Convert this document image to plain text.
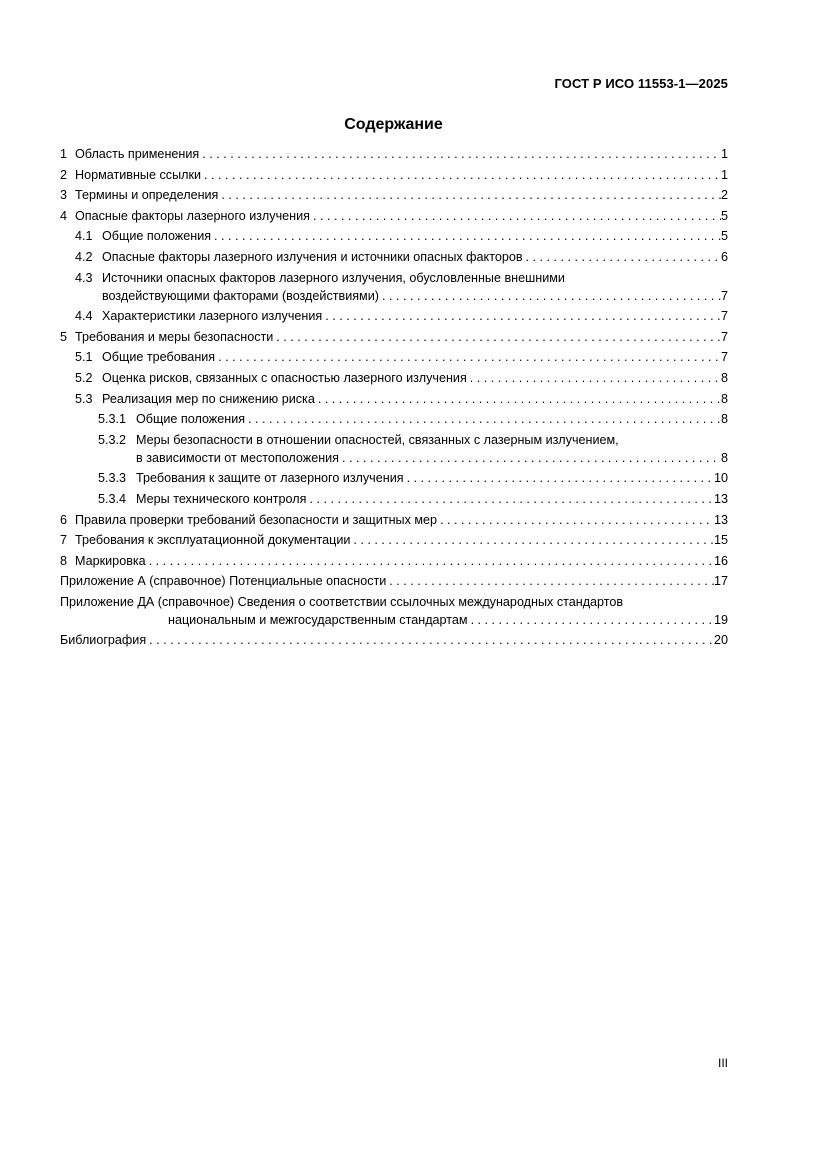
ГОСТ Р ИСО 11553-1—2025
Содержание
1 Область применения . . .	1
2 Нормативные ссылки . . .	1
3 Термины и определения . . .	2
4 Опасные факторы лазерного излучения . . .	5
4.1 Общие положения . . .	5
4.2 Опасные факторы лазерного излучения и источники опасных факторов . . .	6
4.3 Источники опасных факторов лазерного излучения, обусловленные внешними
воздействующими факторами (воздействиями) . . .	7
4.4 Характеристики лазерного излучения . . .	7
5 Требования и меры безопасности . . .	7
5.1 Общие требования . . .	7
5.2 Оценка рисков, связанных с опасностью лазерного излучения . . .	8
5.3 Реализация мер по снижению риска . . .	8
5.3.1 Общие положения . . .	8
5.3.2 Меры безопасности в отношении опасностей, связанных с лазерным излучением,
в зависимости от местоположения . . .	8
5.3.3 Требования к защите от лазерного излучения . . .	10
5.3.4 Меры технического контроля . . .	13
6 Правила проверки требований безопасности и защитных мер . . .	13
7 Требования к эксплуатационной документации . . .	15
8 Маркировка . . .	16
Приложение А (справочное) Потенциальные опасности . . .	17
Приложение ДА (справочное) Сведения о соответствии ссылочных международных стандартов
национальным и межгосударственным стандартам . . .	19
Библиография . . .	20
III
